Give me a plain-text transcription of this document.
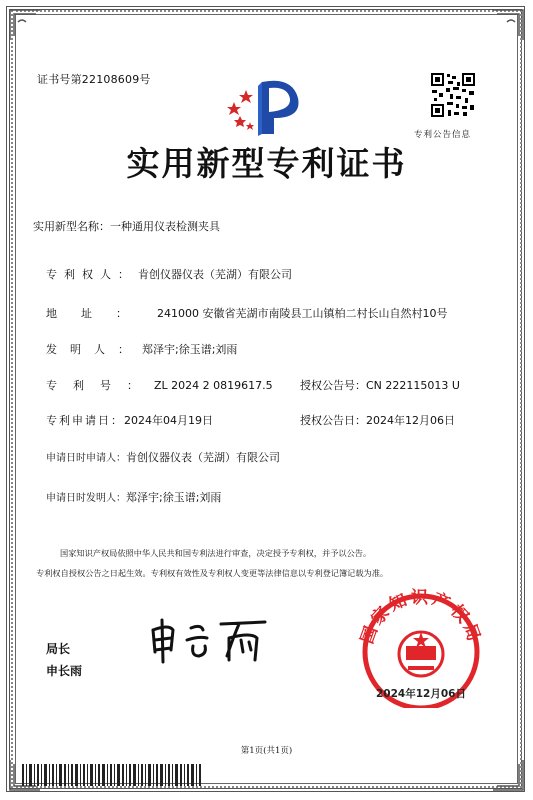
证书号第22108609号
专利公告信息
实用新型专利证书
实用新型名称：一种通用仪表检测夹具
专利权人： 肯创仪器仪表（芜湖）有限公司
地址： 241000 安徽省芜湖市南陵县工山镇柏二村长山自然村10号
发明人：郑泽宇;徐玉谱;刘雨
专利号：ZL 2024 2 0819617.5 授权公告号：CN 222115013 U
专利申请日：2024年04月19日	授权公告日：2024年12月06日
申请日时申请人：肯创仪器仪表（芜湖）有限公司
申请日时发明人：郑泽宇;徐玉谱;刘雨
国家知识产权局依照中华人民共和国专利法进行审查，决定授予专利权，并予以公告。
专利权自授权公告之日起生效。专利权有效性及专利权人变更等法律信息以专利登记簿记载为准。
局长
申长雨
国家知识产权局
2024年12月06日
第1页(共1页)
